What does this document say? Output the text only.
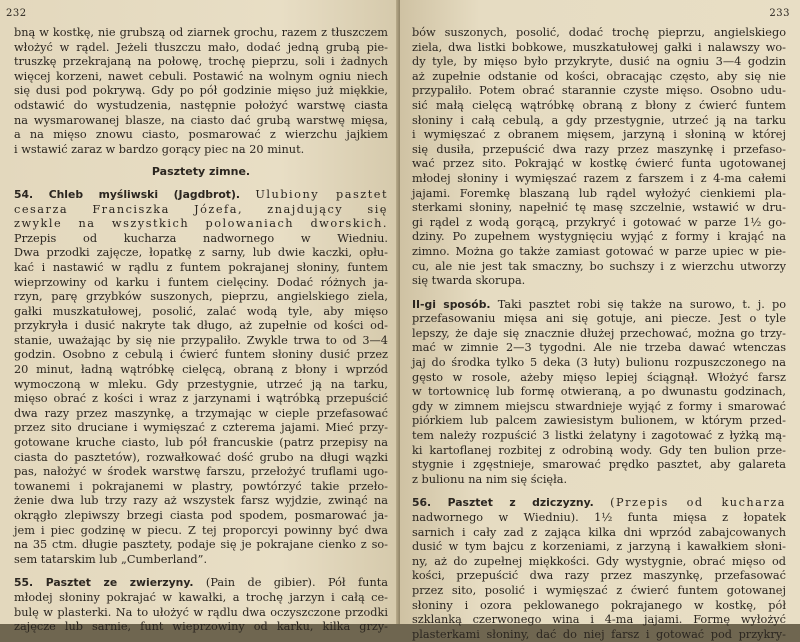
232
bną w kostkę, nie grubszą od ziarnek grochu, razem z tłuszczem
włożyć w rądel. Jeżeli tłuszczu mało, dodać jedną grubą pie-
truszkę przekrajaną na połowę, trochę pieprzu, soli i żadnych
więcej korzeni, nawet cebuli. Postawić na wolnym ogniu niech
się dusi pod pokrywą. Gdy po pół godzinie mięso już miękkie,
odstawić do wystudzenia, następnie położyć warstwę ciasta
na wysmarowanej blasze, na ciasto dać grubą warstwę mięsa,
a na mięso znowu ciasto, posmarować z wierzchu jajkiem
i wstawić zaraz w bardzo gorący piec na 20 minut.
Pasztety zimne.
54. Chleb myśliwski (Jagdbrot). Ulubiony pasztet
cesarza Franciszka Józefa, znajdujący się
zwykle na wszystkich polowaniach dworskich.
Przepis od kucharza nadwornego w Wiedniu.
Dwa przodki zajęcze, łopatkę z sarny, lub dwie kaczki, opłu-
kać i nastawić w rądlu z funtem pokrajanej słoniny, funtem
wieprzowiny od karku i funtem cielęciny. Dodać różnych ja-
rzyn, parę grzybków suszonych, pieprzu, angielskiego ziela,
gałki muszkatułowej, posolić, zalać wodą tyle, aby mięso
przykryła i dusić nakryte tak długo, aż zupełnie od kości od-
stanie, uważając by się nie przypaliło. Zwykle trwa to od 3—4
godzin. Osobno z cebulą i ćwierć funtem słoniny dusić przez
20 minut, ładną wątróbkę cielęcą, obraną z błony i wprzód
wymoczoną w mleku. Gdy przestygnie, utrzeć ją na tarku,
mięso obrać z kości i wraz z jarzynami i wątróbką przepuścić
dwa razy przez maszynkę, a trzymając w cieple przefasować
przez sito druciane i wymięszać z czterema jajami. Mieć przy-
gotowane kruche ciasto, lub pół francuskie (patrz przepisy na
ciasta do pasztetów), rozwałkować dość grubo na długi wązki
pas, nałożyć w środek warstwę farszu, przełożyć truflami ugo-
towanemi i pokrajanemi w plastry, powtórzyć takie przeło-
żenie dwa lub trzy razy aż wszystek farsz wyjdzie, zwinąć na
okrągło zlepiwszy brzegi ciasta pod spodem, posmarować ja-
jem i piec godzinę w piecu. Z tej proporcyi powinny być dwa
na 35 ctm. długie pasztety, podaje się je pokrajane cienko z so-
sem tatarskim lub „Cumberland”.
55. Pasztet ze zwierzyny. (Pain de gibier). Pół funta
młodej słoniny pokrajać w kawałki, a trochę jarzyn i całą ce-
bulę w plasterki. Na to ułożyć w rądlu dwa oczyszczone przodki
zajęcze lub sarnie, funt wieprzowiny od karku, kilka grzy-
233
bów suszonych, posolić, dodać trochę pieprzu, angielskiego
ziela, dwa listki bobkowe, muszkatułowej gałki i nalawszy wo-
dy tyle, by mięso było przykryte, dusić na ogniu 3—4 godzin
aż zupełnie odstanie od kości, obracając często, aby się nie
przypaliło. Potem obrać starannie czyste mięso. Osobno udu-
sić małą cielęcą wątróbkę obraną z błony z ćwierć funtem
słoniny i całą cebulą, a gdy przestygnie, utrzeć ją na tarku
i wymięszać z obranem mięsem, jarzyną i słoniną w której
się dusiła, przepuścić dwa razy przez maszynkę i przefaso-
wać przez sito. Pokrająć w kostkę ćwierć funta ugotowanej
młodej słoniny i wymięszać razem z farszem i z 4-ma całemi
jajami. Foremkę blaszaną lub rądel wyłożyć cienkiemi pla-
sterkami słoniny, napełnić tę masę szczelnie, wstawić w dru-
gi rądel z wodą gorącą, przykryć i gotować w parze 1½ go-
dziny. Po zupełnem wystygnięciu wyjąć z formy i krająć na
zimno. Można go także zamiast gotować w parze upiec w pie-
cu, ale nie jest tak smaczny, bo suchszy i z wierzchu utworzy
się twarda skorupa.
II-gi sposób. Taki pasztet robi się także na surowo, t. j. po
przefasowaniu mięsa ani się gotuje, ani piecze. Jest o tyle
lepszy, że daje się znacznie dłużej przechować, można go trzy-
mać w zimnie 2—3 tygodni. Ale nie trzeba dawać wtenczas
jaj do środka tylko 5 deka (3 łuty) bulionu rozpuszczonego na
gęsto w rosole, ażeby mięso lepiej ściągnął. Włożyć farsz
w tortownicę lub formę otwieraną, a po dwunastu godzinach,
gdy w zimnem miejscu stwardnieje wyjąć z formy i smarować
piórkiem lub palcem zawiesistym bulionem, w którym przed-
tem należy rozpuścić 3 listki żelatyny i zagotować z łyżką mą-
ki kartoflanej rozbitej z odrobiną wody. Gdy ten bulion prze-
stygnie i zgęstnieje, smarować prędko pasztet, aby galareta
z bulionu na nim się ścięła.
56. Pasztet z dziczyzny. (Przepis od kucharza
nadwornego w Wiedniu). 1½ funta mięsa z łopatek
sarnich i cały zad z zająca kilka dni wprzód zabajcowanych
dusić w tym bajcu z korzeniami, z jarzyną i kawałkiem słoni-
ny, aż do zupełnej miękkości. Gdy wystygnie, obrać mięso od
kości, przepuścić dwa razy przez maszynkę, przefasować
przez sito, posolić i wymięszać z ćwierć funtem gotowanej
słoniny i ozora peklowanego pokrajanego w kostkę, pół
szklanką czerwonego wina i 4-ma jajami. Formę wyłożyć
plasterkami słoniny, dać do niej farsz i gotować pod przykry-
